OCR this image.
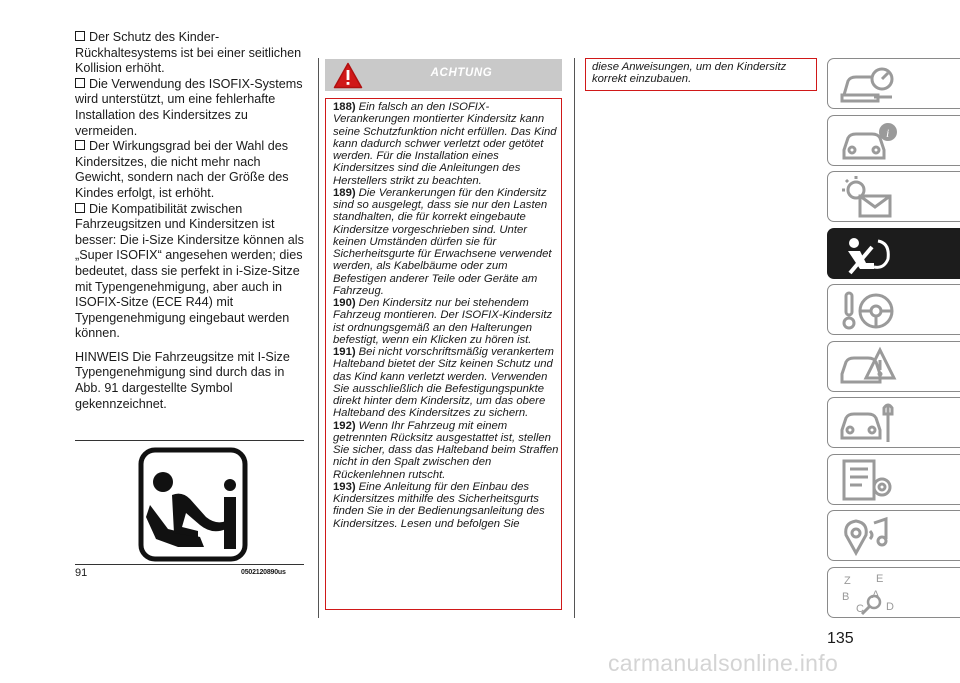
Der Schutz des Kinder-Rückhaltesystems ist bei einer seitlichen Kollision erhöht.

Die Verwendung des ISOFIX-Systems wird unterstützt, um eine fehlerhafte Installation des Kindersitzes zu vermeiden.

Der Wirkungsgrad bei der Wahl des Kindersitzes, die nicht mehr nach Gewicht, sondern nach der Größe des Kindes erfolgt, ist erhöht.

Die Kompatibilität zwischen Fahrzeugsitzen und Kindersitzen ist besser: Die i-Size Kindersitze können als „Super ISOFIX“ angesehen werden; dies bedeutet, dass sie perfekt in i-Size-Sitze mit Typengenehmigung, aber auch in ISOFIX-Sitze (ECE R44) mit Typengenehmigung eingebaut werden können.

HINWEIS Die Fahrzeugsitze mit I-Size Typengenehmigung sind durch das in Abb. 91 dargestellte Symbol gekennzeichnet.

91	0502120890us
ACHTUNG

188) Ein falsch an den ISOFIX-Verankerungen montierter Kindersitz kann seine Schutzfunktion nicht erfüllen. Das Kind kann dadurch schwer verletzt oder getötet werden. Für die Installation eines Kindersitzes sind die Anleitungen des Herstellers strikt zu beachten.

189) Die Verankerungen für den Kindersitz sind so ausgelegt, dass sie nur den Lasten standhalten, die für korrekt eingebaute Kindersitze vorgeschrieben sind. Unter keinen Umständen dürfen sie für Sicherheitsgurte für Erwachsene verwendet werden, als Kabelbäume oder zum Befestigen anderer Teile oder Geräte am Fahrzeug.

190) Den Kindersitz nur bei stehendem Fahrzeug montieren. Der ISOFIX-Kindersitz ist ordnungsgemäß an den Halterungen befestigt, wenn ein Klicken zu hören ist.

191) Bei nicht vorschriftsmäßig verankertem Halteband bietet der Sitz keinen Schutz und das Kind kann verletzt werden. Verwenden Sie ausschließlich die Befestigungspunkte direkt hinter dem Kindersitz, um das obere Halteband des Kindersitzes zu sichern.

192) Wenn Ihr Fahrzeug mit einem getrennten Rücksitz ausgestattet ist, stellen Sie sicher, dass das Halteband beim Straffen nicht in den Spalt zwischen den Rückenlehnen rutscht.

193) Eine Anleitung für den Einbau des Kindersitzes mithilfe des Sicherheitsgurts finden Sie in der Bedienungsanleitung des Kindersitzes. Lesen und befolgen Sie

diese Anweisungen, um den Kindersitz korrekt einzubauen.
i
Z E
B
C
A
D
135
carmanualsonline.info
